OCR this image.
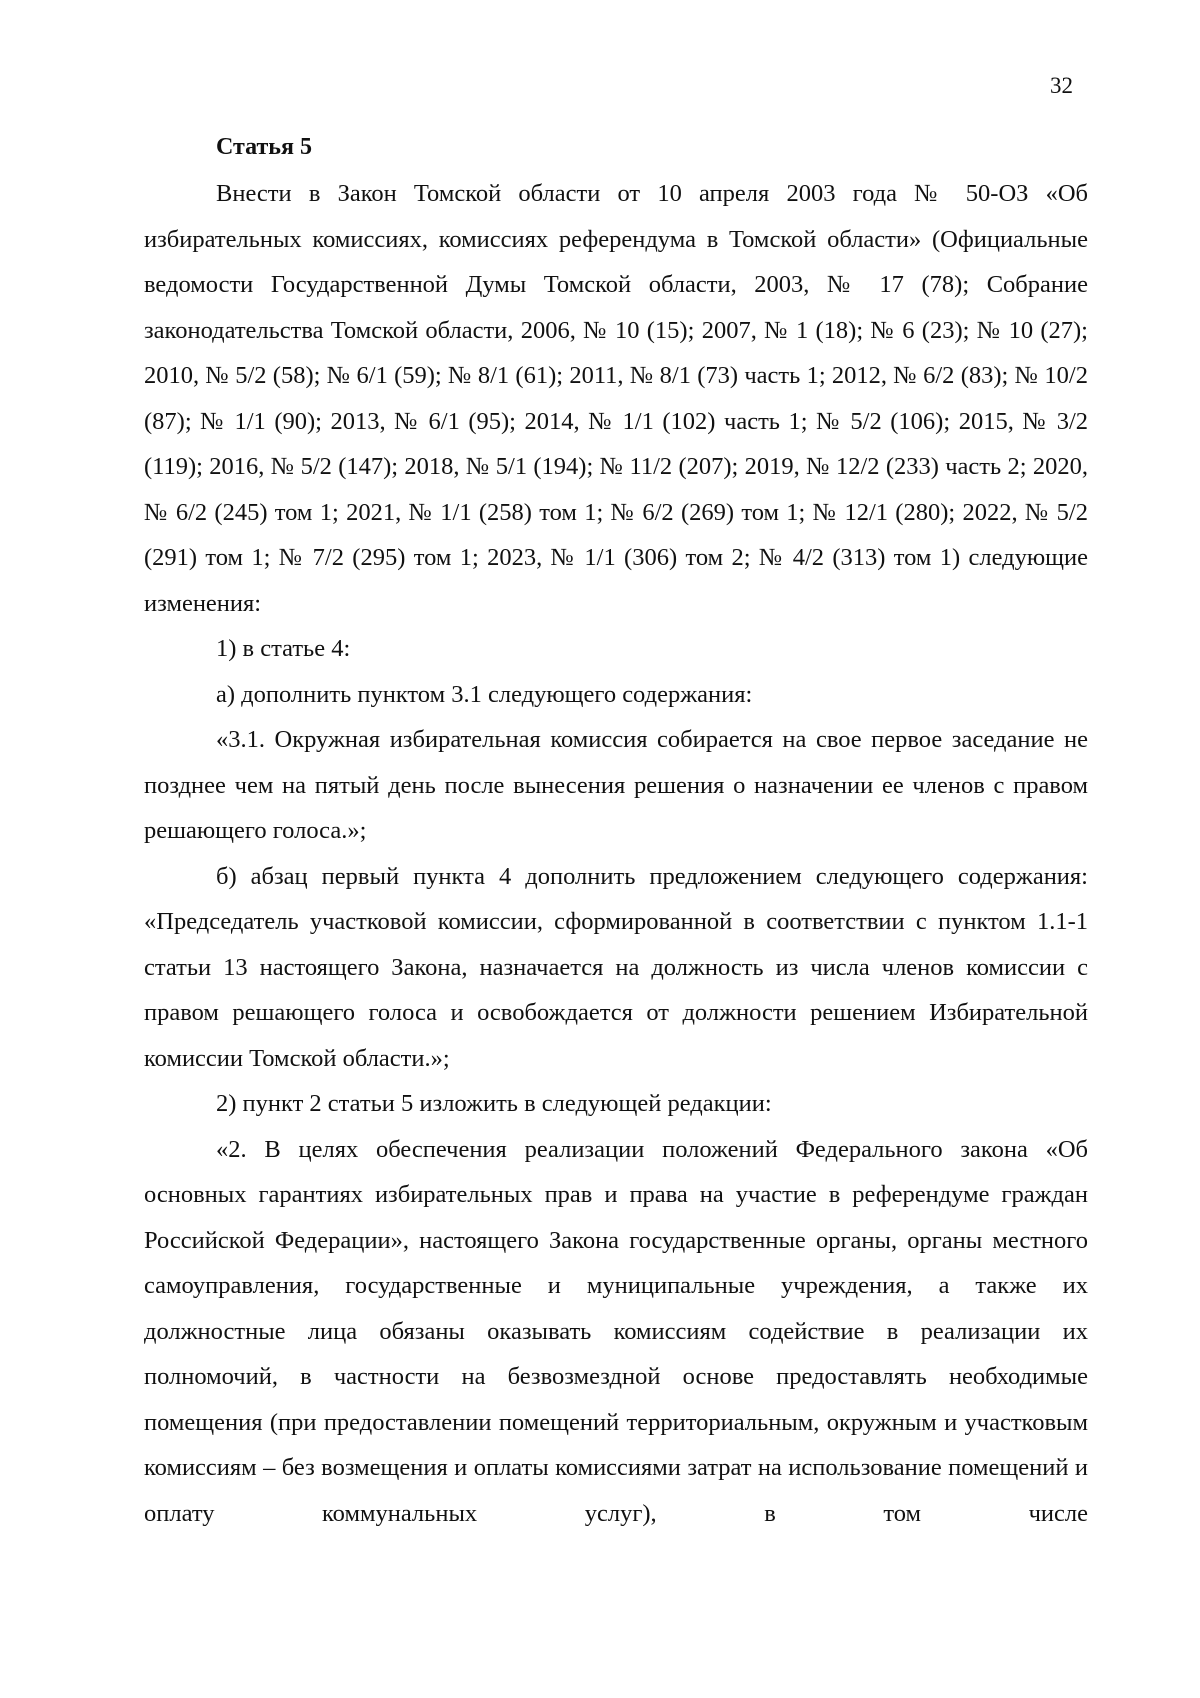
32

Статья 5

Внести в Закон Томской области от 10 апреля 2003 года № 50-ОЗ «Об избирательных комиссиях, комиссиях референдума в Томской области» (Официальные ведомости Государственной Думы Томской области, 2003, № 17 (78); Собрание законодательства Томской области, 2006, № 10 (15); 2007, № 1 (18); № 6 (23); № 10 (27); 2010, № 5/2 (58); № 6/1 (59); № 8/1 (61); 2011, № 8/1 (73) часть 1; 2012, № 6/2 (83); № 10/2 (87); № 1/1 (90); 2013, № 6/1 (95); 2014, № 1/1 (102) часть 1; № 5/2 (106); 2015, № 3/2 (119); 2016, № 5/2 (147); 2018, № 5/1 (194); № 11/2 (207); 2019, № 12/2 (233) часть 2; 2020, № 6/2 (245) том 1; 2021, № 1/1 (258) том 1; № 6/2 (269) том 1; № 12/1 (280); 2022, № 5/2 (291) том 1; № 7/2 (295) том 1; 2023, № 1/1 (306) том 2; № 4/2 (313) том 1) следующие изменения:

1) в статье 4:

а) дополнить пунктом 3.1 следующего содержания:

«3.1. Окружная избирательная комиссия собирается на свое первое заседание не позднее чем на пятый день после вынесения решения о назначении ее членов с правом решающего голоса.»;

б) абзац первый пункта 4 дополнить предложением следующего содержания: «Председатель участковой комиссии, сформированной в соответствии с пунктом 1.1-1 статьи 13 настоящего Закона, назначается на должность из числа членов комиссии с правом решающего голоса и освобождается от должности решением Избирательной комиссии Томской области.»;

2) пункт 2 статьи 5 изложить в следующей редакции:

«2. В целях обеспечения реализации положений Федерального закона «Об основных гарантиях избирательных прав и права на участие в референдуме граждан Российской Федерации», настоящего Закона государственные органы, органы местного самоуправления, государственные и муниципальные учреждения, а также их должностные лица обязаны оказывать комиссиям содействие в реализации их полномочий, в частности на безвозмездной основе предоставлять необходимые помещения (при предоставлении помещений территориальным, окружным и участковым комиссиям – без возмещения и оплаты комиссиями затрат на использование помещений и оплату коммунальных услуг), в том числе
